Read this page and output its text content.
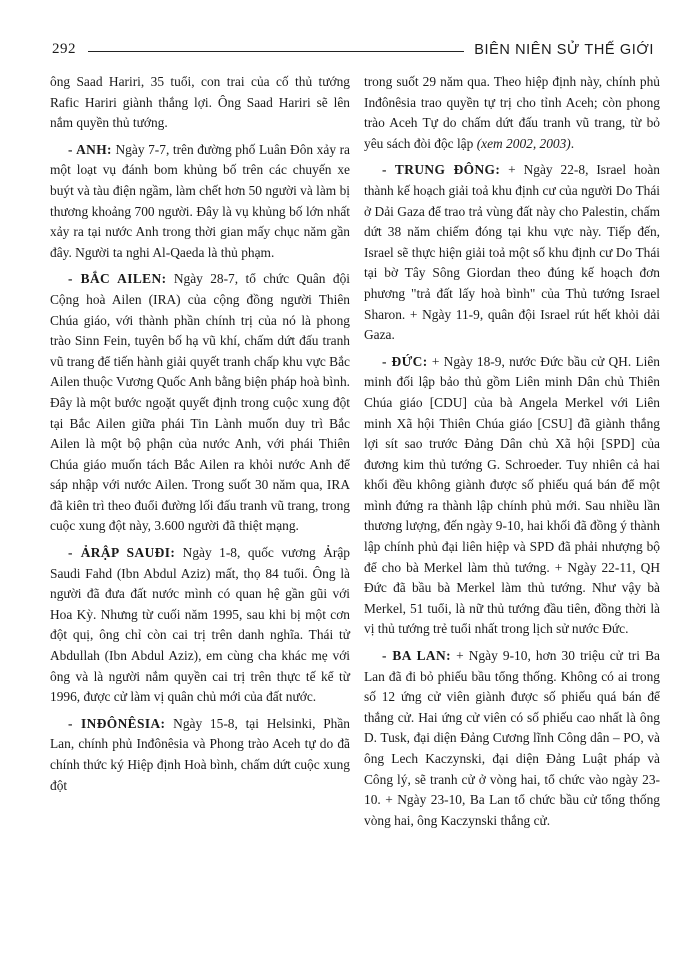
292	BIÊN NIÊN SỬ THẾ GIỚI

ông Saad Hariri, 35 tuổi, con trai của cố thủ tướng Rafic Hariri giành thắng lợi. Ông Saad Hariri sẽ lên nắm quyền thủ tướng.

- ANH: Ngày 7-7, trên đường phố Luân Đôn xảy ra một loạt vụ đánh bom khủng bố trên các chuyến xe buýt và tàu điện ngầm, làm chết hơn 50 người và làm bị thương khoảng 700 người. Đây là vụ khủng bố lớn nhất xảy ra tại nước Anh trong thời gian mấy chục năm gần đây. Người ta nghi Al-Qaeda là thủ phạm.

- BẮC AILEN: Ngày 28-7, tổ chức Quân đội Cộng hoà Ailen (IRA) của cộng đồng người Thiên Chúa giáo, với thành phần chính trị của nó là phong trào Sinn Fein, tuyên bố hạ vũ khí, chấm dứt đấu tranh vũ trang để tiến hành giải quyết tranh chấp khu vực Bắc Ailen thuộc Vương Quốc Anh bằng biện pháp hoà bình. Đây là một bước ngoặt quyết định trong cuộc xung đột tại Bắc Ailen giữa phái Tin Lành muốn duy trì Bắc Ailen là một bộ phận của nước Anh, với phái Thiên Chúa giáo muốn tách Bắc Ailen ra khỏi nước Anh để sáp nhập với nước Ailen. Trong suốt 30 năm qua, IRA đã kiên trì theo đuổi đường lối đấu tranh vũ trang, trong cuộc xung đột này, 3.600 người đã thiệt mạng.

- ẢRẬP SAUĐI: Ngày 1-8, quốc vương Ảrập Saudi Fahd (Ibn Abdul Aziz) mất, thọ 84 tuổi. Ông là người đã đưa đất nước mình có quan hệ gần gũi với Hoa Kỳ. Nhưng từ cuối năm 1995, sau khi bị một cơn đột quị, ông chỉ còn cai trị trên danh nghĩa. Thái tử Abdullah (Ibn Abdul Aziz), em cùng cha khác mẹ với ông và là người nắm quyền cai trị trên thực tế kể từ 1996, được cử làm vị quân chủ mới của đất nước.

- INĐÔNÊSIA: Ngày 15-8, tại Helsinki, Phần Lan, chính phủ Inđônêsia và Phong trào Aceh tự do đã chính thức ký Hiệp định Hoà bình, chấm dứt cuộc xung đột

trong suốt 29 năm qua. Theo hiệp định này, chính phủ Inđônêsia trao quyền tự trị cho tỉnh Aceh; còn phong trào Aceh Tự do chấm dứt đấu tranh vũ trang, từ bỏ yêu sách đòi độc lập (xem 2002, 2003).

- TRUNG ĐÔNG: + Ngày 22-8, Israel hoàn thành kế hoạch giải toả khu định cư của người Do Thái ở Dải Gaza để trao trả vùng đất này cho Palestin, chấm dứt 38 năm chiếm đóng tại khu vực này. Tiếp đến, Israel sẽ thực hiện giải toả một số khu định cư Do Thái tại bờ Tây Sông Giordan theo đúng kế hoạch đơn phương "trả đất lấy hoà bình" của Thủ tướng Israel Sharon. + Ngày 11-9, quân đội Israel rút hết khỏi dải Gaza.

- ĐỨC: + Ngày 18-9, nước Đức bầu cử QH. Liên minh đối lập bảo thủ gồm Liên minh Dân chủ Thiên Chúa giáo [CDU] của bà Angela Merkel với Liên minh Xã hội Thiên Chúa giáo [CSU] đã giành thắng lợi sít sao trước Đảng Dân chủ Xã hội [SPD] của đương kim thủ tướng G. Schroeder. Tuy nhiên cả hai khối đều không giành được số phiếu quá bán để một mình đứng ra thành lập chính phủ mới. Sau nhiều lần thương lượng, đến ngày 9-10, hai khối đã đồng ý thành lập chính phủ đại liên hiệp và SPD đã phải nhượng bộ để cho bà Merkel làm thủ tướng. + Ngày 22-11, QH Đức đã bầu bà Merkel làm thủ tướng. Như vậy bà Merkel, 51 tuổi, là nữ thủ tướng đầu tiên, đồng thời là vị thủ tướng trẻ tuổi nhất trong lịch sử nước Đức.

- BA LAN: + Ngày 9-10, hơn 30 triệu cử tri Ba Lan đã đi bỏ phiếu bầu tổng thống. Không có ai trong số 12 ứng cử viên giành được số phiếu quá bán để thắng cử. Hai ứng cử viên có số phiếu cao nhất là ông D. Tusk, đại diện Đảng Cương lĩnh Công dân – PO, và ông Lech Kaczynski, đại diện Đảng Luật pháp và Công lý, sẽ tranh cử ở vòng hai, tổ chức vào ngày 23-10. + Ngày 23-10, Ba Lan tổ chức bầu cử tổng thống vòng hai, ông Kaczynski thắng cử.
